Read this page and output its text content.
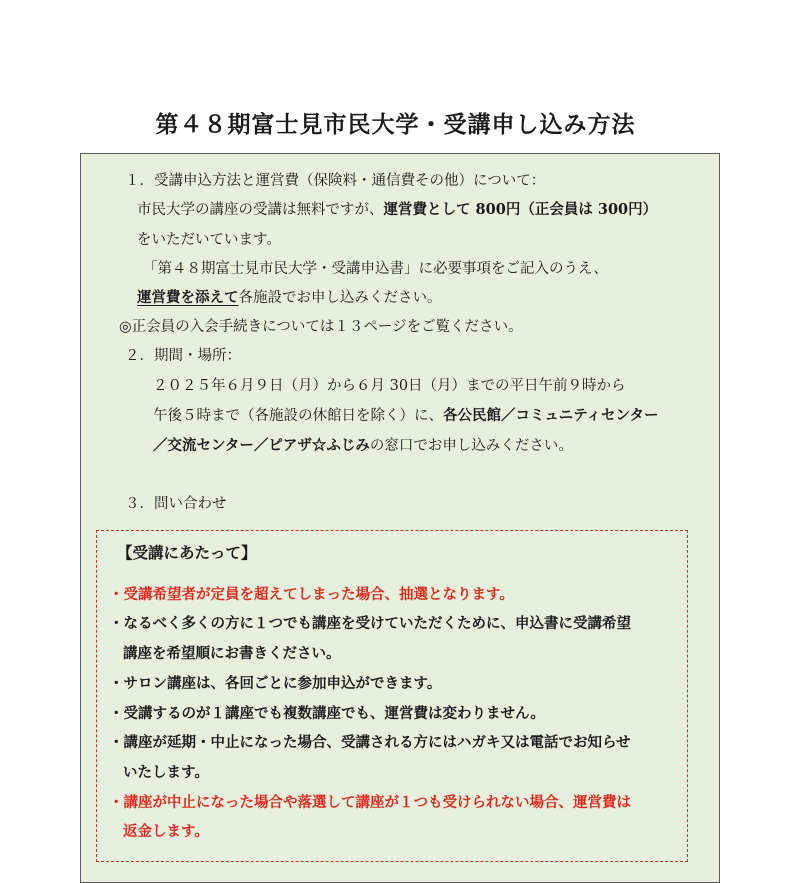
第４８期富士見市民大学・受講申し込み方法
１．受講申込方法と運営費（保険料・通信費その他）について：
市民大学の講座の受講は無料ですが、運営費として 800円（正会員は 300円）
をいただいています。
「第４８期富士見市民大学・受講申込書」に必要事項をご記入のうえ、
運営費を添えて各施設でお申し込みください。
◎正会員の入会手続きについては１３ページをご覧ください。
２．期間・場所：
２０２５年６月９日（月）から６月 30日（月）までの平日午前９時から
午後５時まで（各施設の休館日を除く）に、各公民館／コミュニティセンター
／交流センター／ピアザ☆ふじみの窓口でお申し込みください。
３．問い合わせ
【受講にあたって】
・受講希望者が定員を超えてしまった場合、抽選となります。
・なるべく多くの方に１つでも講座を受けていただくために、申込書に受講希望
講座を希望順にお書きください。
・サロン講座は、各回ごとに参加申込ができます。
・受講するのが１講座でも複数講座でも、運営費は変わりません。
・講座が延期・中止になった場合、受講される方にはハガキ又は電話でお知らせ
いたします。
・講座が中止になった場合や落選して講座が１つも受けられない場合、運営費は
返金します。
